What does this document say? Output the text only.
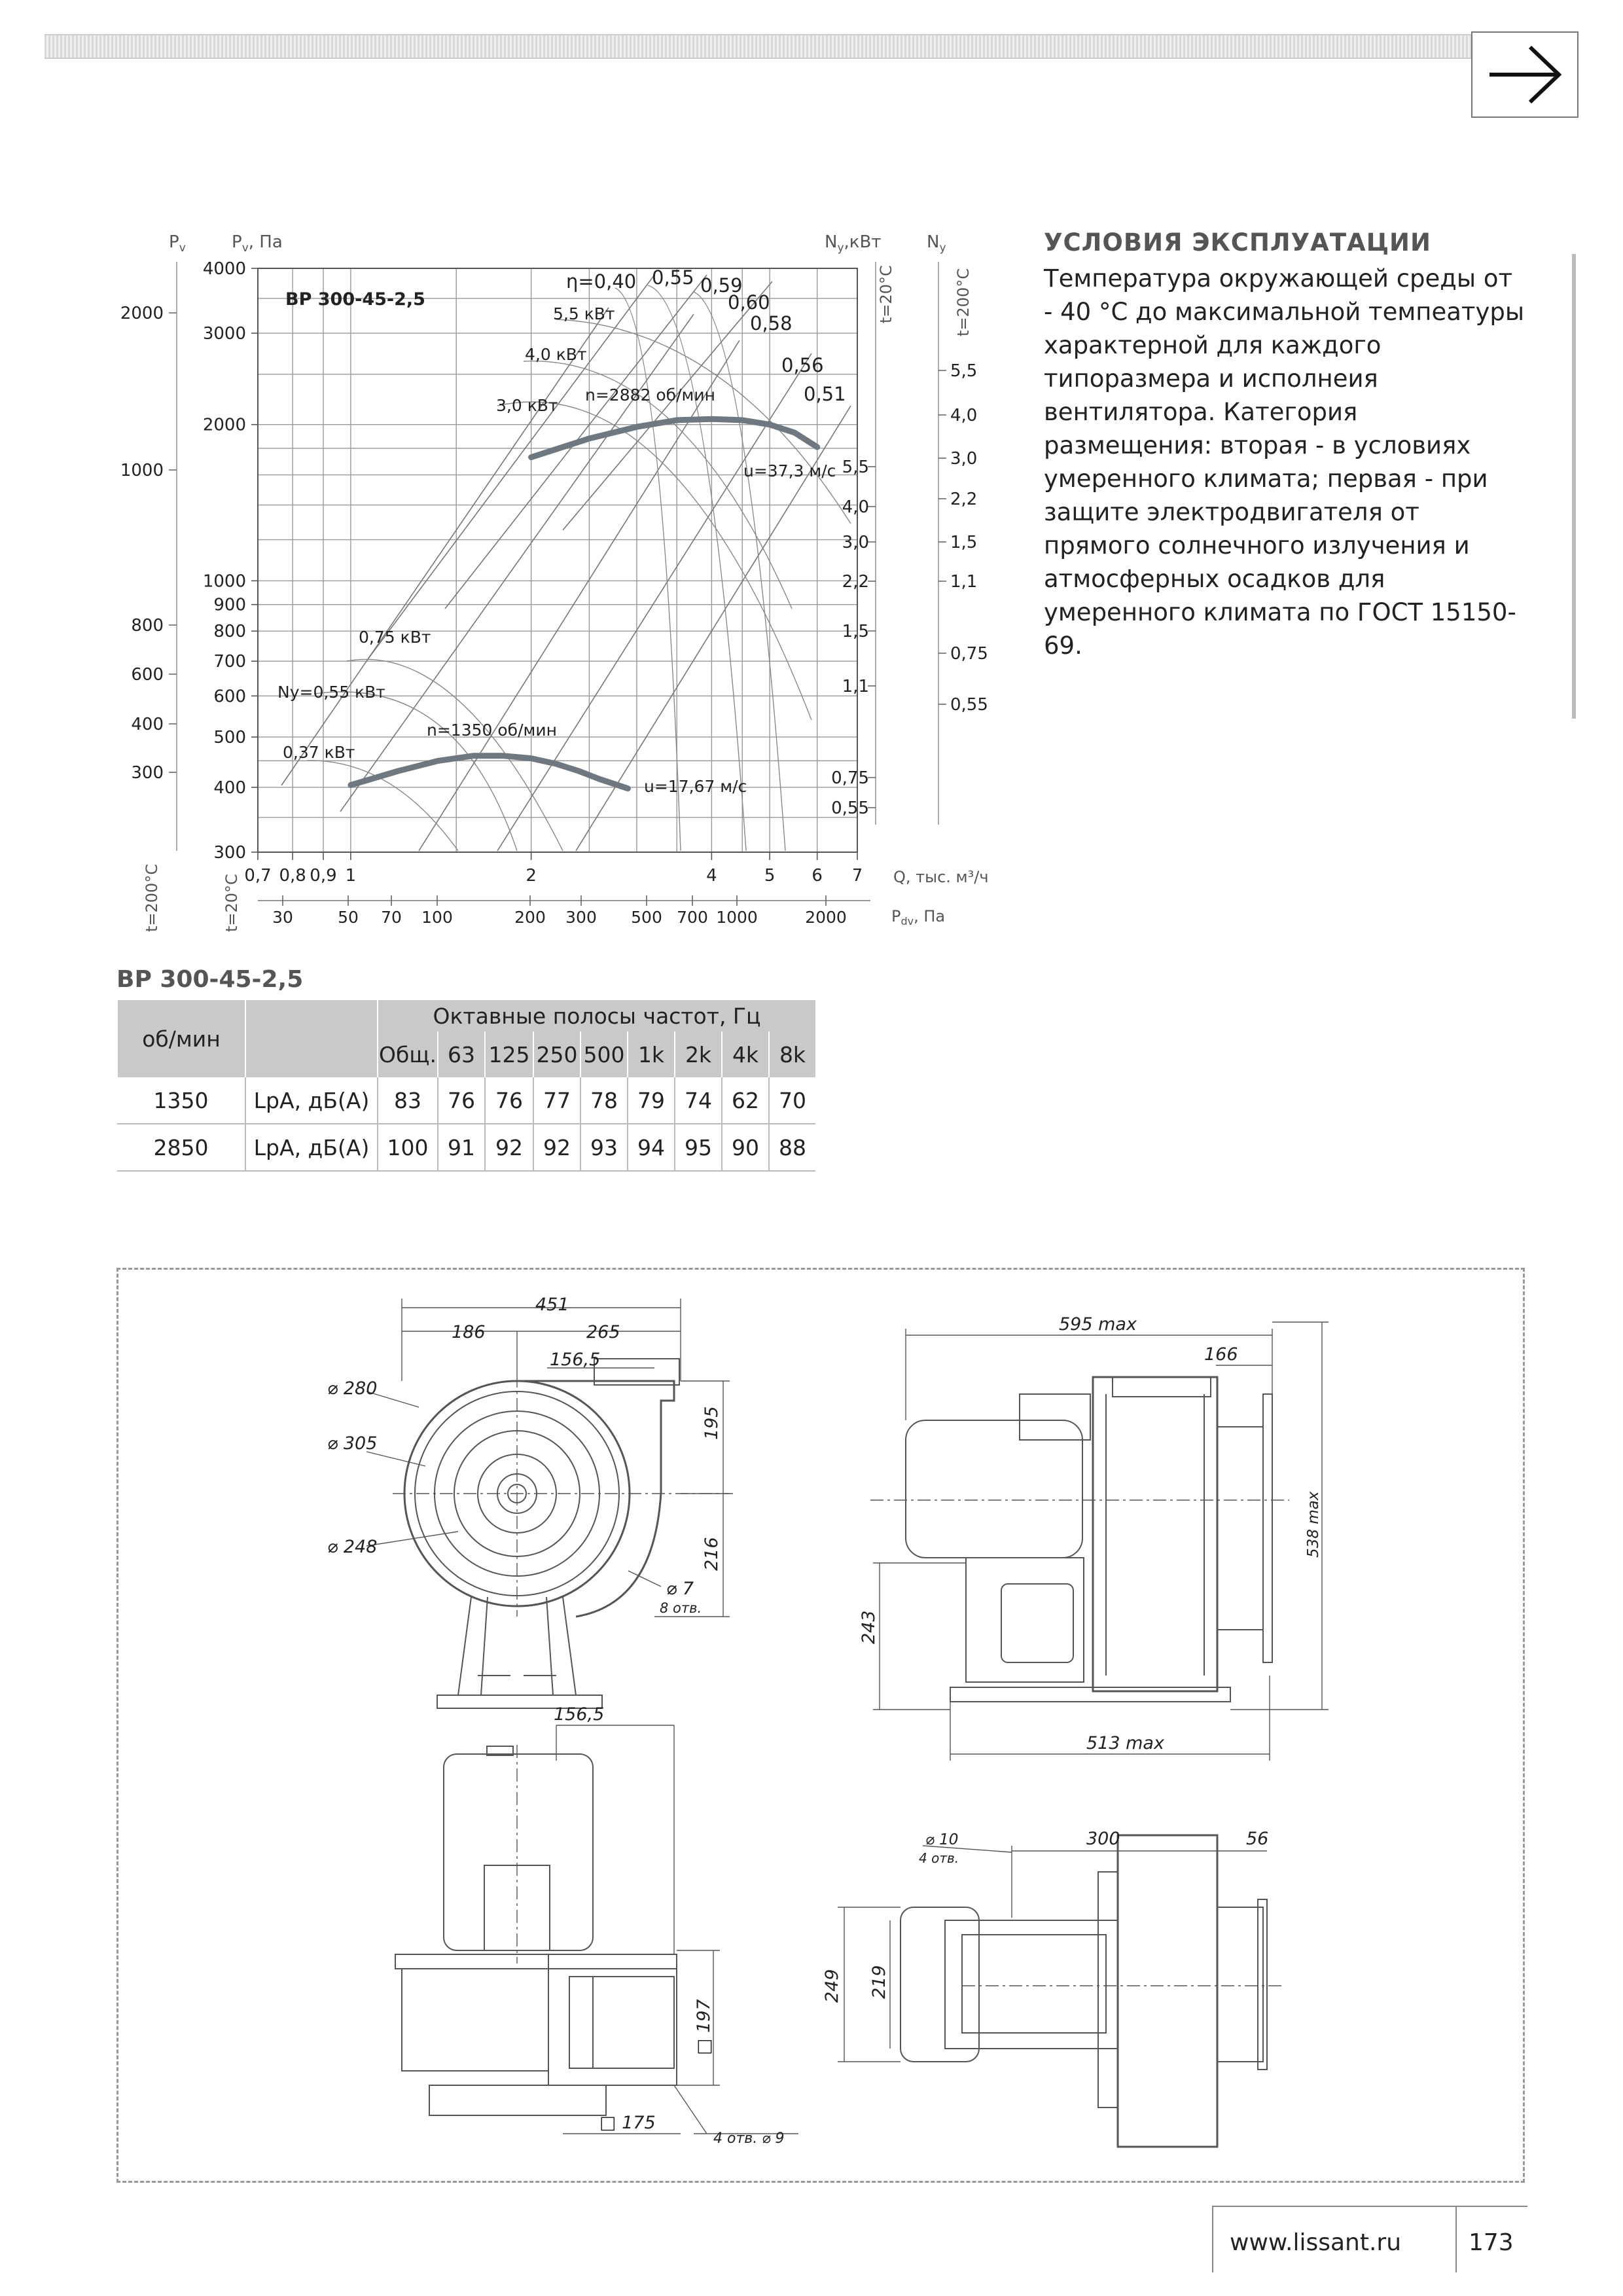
4000
3000
2000
1000
900
800
700
600
500
400
300
2000
1000
800
600
400
300
5,5
4,0
3,0
2,2
1,5
1,1
0,75
0,55
5,5
4,0
3,0
2,2
1,5
1,1
0,75
0,55
0,7 0,8 0,9 1	2	4	5 6 7
30	50 70 100	200 300 500 700 1000	2000
$P_v$	$P_v$, Па	$N_y,кВт$	$N_y$
t=20°C	t=200°C
t=200°C	t=20°C	Q, тыс. м³/ч
$P_{dv}$, Па
ВР 300-45-2,5
η=0,40 0,55 0,59
0,60
0,58
0,56
0,51
5,5 кВт
4,0 кВт
3,0 кВт
0,75 кВт
Nу=0,55 кВт
0,37 кВт
n=2882 об/мин
n=1350 об/мин
u=37,3 м/с
u=17,67 м/с
УСЛОВИЯ ЭКСПЛУАТАЦИИ

Температура окружающей среды от - 40 °С до максимальной темпеатуры характерной для каждого типоразмера и исполнеия вентилятора. Категория размещения: вторая - в условиях умеренного климата; первая - при защите электродвигателя от прямого солнечного излучения и атмосферных осадков для умеренного климата по ГОСТ 15150-69.

ВР 300-45-2,5
об/мин		Октавные полосы частот, Гц								
		Общ.	63	125	250	500	1k	2k	4k	8k
1350	LpA, дБ(А)	83	76	76	77	78	79	74	62	70
2850	LpA, дБ(А)	100	91	92	92	93	94	95	90	88
451
186	265
156,5
195
216
⌀ 280
⌀ 305
⌀ 248
⌀ 7
8 отв.
595 max
166
538 max
243
513 max
156,5
□ 197
□ 175
4 отв. ⌀ 9
⌀ 10
4 отв.
300	56
249 219
www.lissant.ru	173
